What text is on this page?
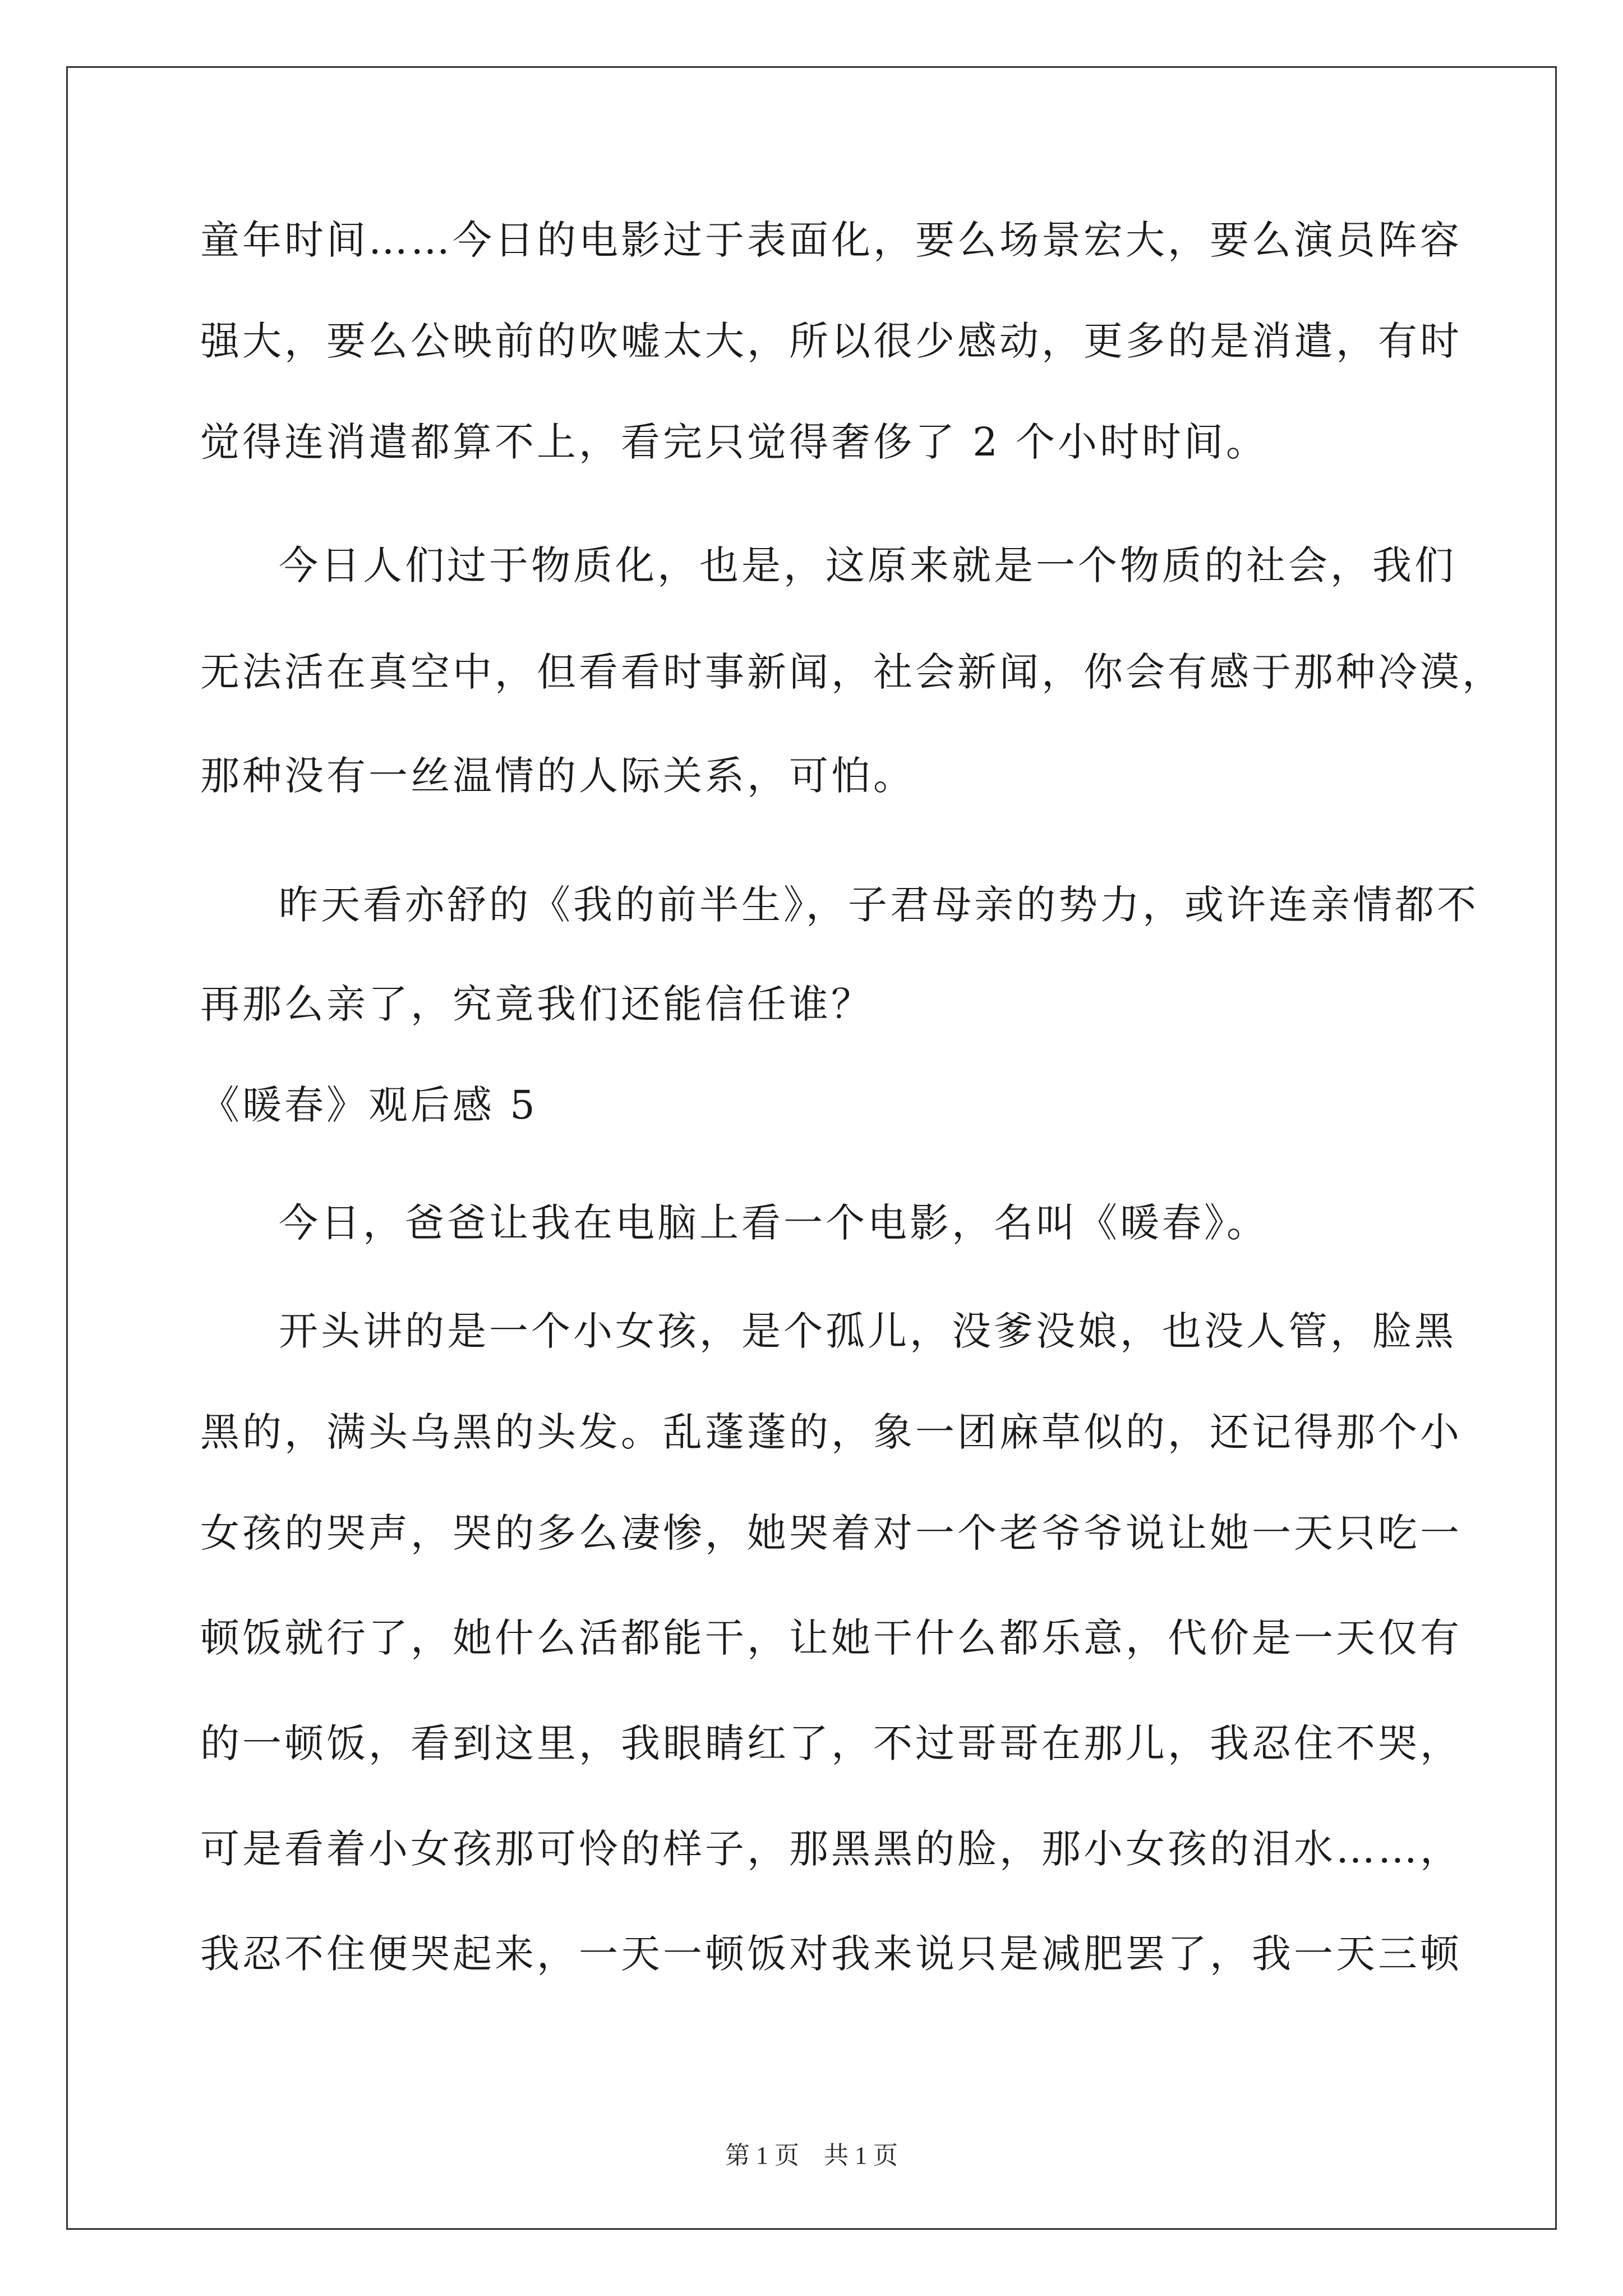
童年时间……今日的电影过于表面化，要么场景宏大，要么演员阵容
强大，要么公映前的吹嘘太大，所以很少感动，更多的是消遣，有时
觉得连消遣都算不上，看完只觉得奢侈了 2 个小时时间。
今日人们过于物质化，也是，这原来就是一个物质的社会，我们
无法活在真空中，但看看时事新闻，社会新闻，你会有感于那种冷漠，
那种没有一丝温情的人际关系，可怕。
昨天看亦舒的《我的前半生》，子君母亲的势力，或许连亲情都不
再那么亲了，究竟我们还能信任谁？
《暖春》观后感 5
今日，爸爸让我在电脑上看一个电影，名叫《暖春》。
开头讲的是一个小女孩，是个孤儿，没爹没娘，也没人管，脸黑
黑的，满头乌黑的头发。乱蓬蓬的，象一团麻草似的，还记得那个小
女孩的哭声，哭的多么凄惨，她哭着对一个老爷爷说让她一天只吃一
顿饭就行了，她什么活都能干，让她干什么都乐意，代价是一天仅有
的一顿饭，看到这里，我眼睛红了，不过哥哥在那儿，我忍住不哭，
可是看着小女孩那可怜的样子，那黑黑的脸，那小女孩的泪水……，
我忍不住便哭起来，一天一顿饭对我来说只是减肥罢了，我一天三顿
第 1 页　共 1 页
